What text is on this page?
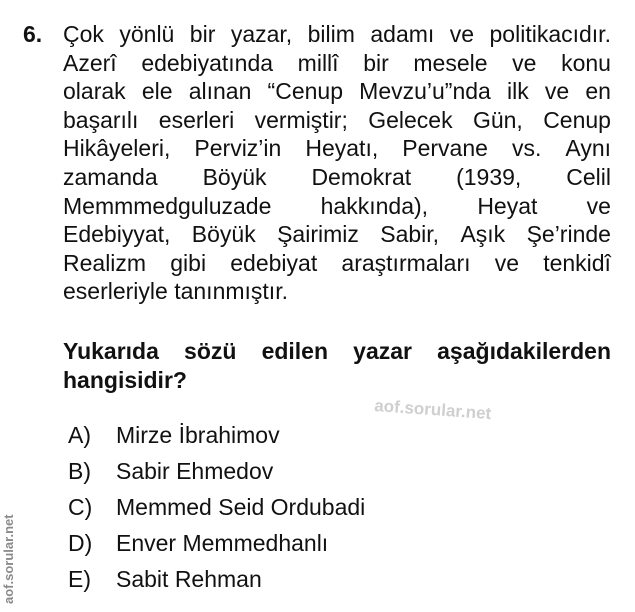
6. Çok yönlü bir yazar, bilim adamı ve politikacıdır.
Azerî edebiyatında millî bir mesele ve konu
olarak ele alınan “Cenup Mevzu’u”nda ilk ve en
başarılı eserleri vermiştir; Gelecek Gün, Cenup
Hikâyeleri, Perviz’in Heyatı, Pervane vs. Aynı
zamanda Böyük Demokrat (1939, Celil
Memmmedguluzade hakkında), Heyat ve
Edebiyyat, Böyük Şairimiz Sabir, Aşık Şe’rinde
Realizm gibi edebiyat araştırmaları ve tenkidî
eserleriyle tanınmıştır.
Yukarıda sözü edilen yazar aşağıdakilerden
hangisidir?
aof.sorular.net
A)	Mirze İbrahimov
B)	Sabir Ehmedov
C)	Memmed Seid Ordubadi
D)	Enver Memmedhanlı
E)	Sabit Rehman
aof.sorular.net
